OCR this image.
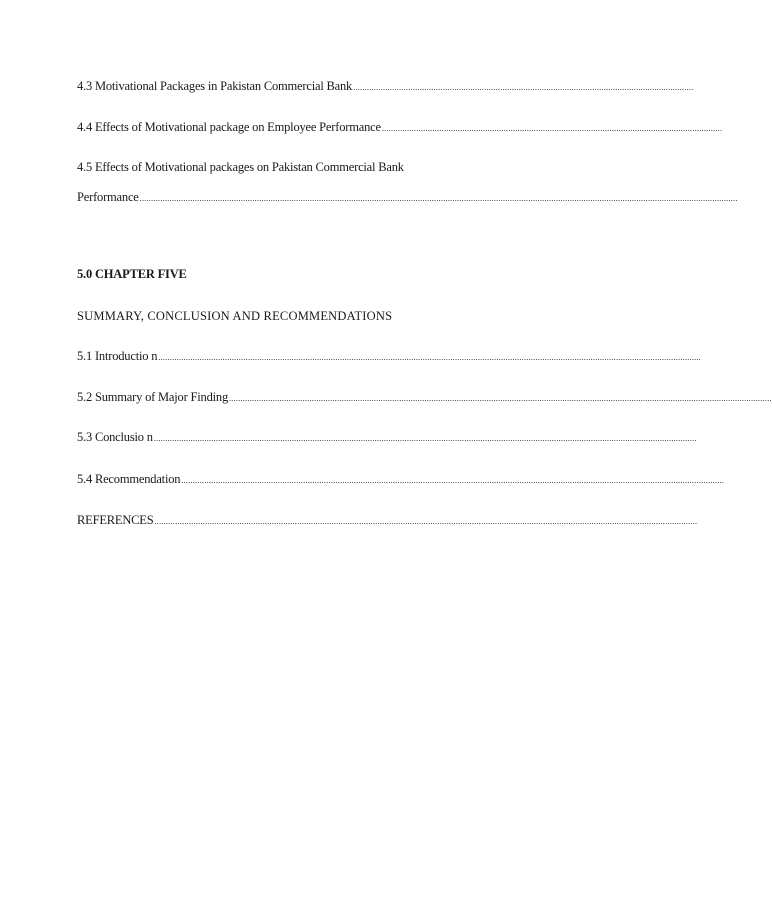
4.3 Motivational Packages in Pakistan Commercial Bank ....................................................................................................................................................
4.4 Effects of Motivational package on Employee Performance ....................................................................................................................................................
4.5 Effects of Motivational packages on Pakistan Commercial Bank
Performance ....................................................................................................................................................................................................................................................................
5.0 CHAPTER FIVE
SUMMARY, CONCLUSION AND RECOMMENDATIONS
5.1 Introductio n ............................................................................................................................................................................................................................................
5.2 Summary of Major Finding ............................................................................................................................................................................................................................................
5.3 Conclusio n ............................................................................................................................................................................................................................................
5.4 Recommendation ............................................................................................................................................................................................................................................
REFERENCES ............................................................................................................................................................................................................................................
